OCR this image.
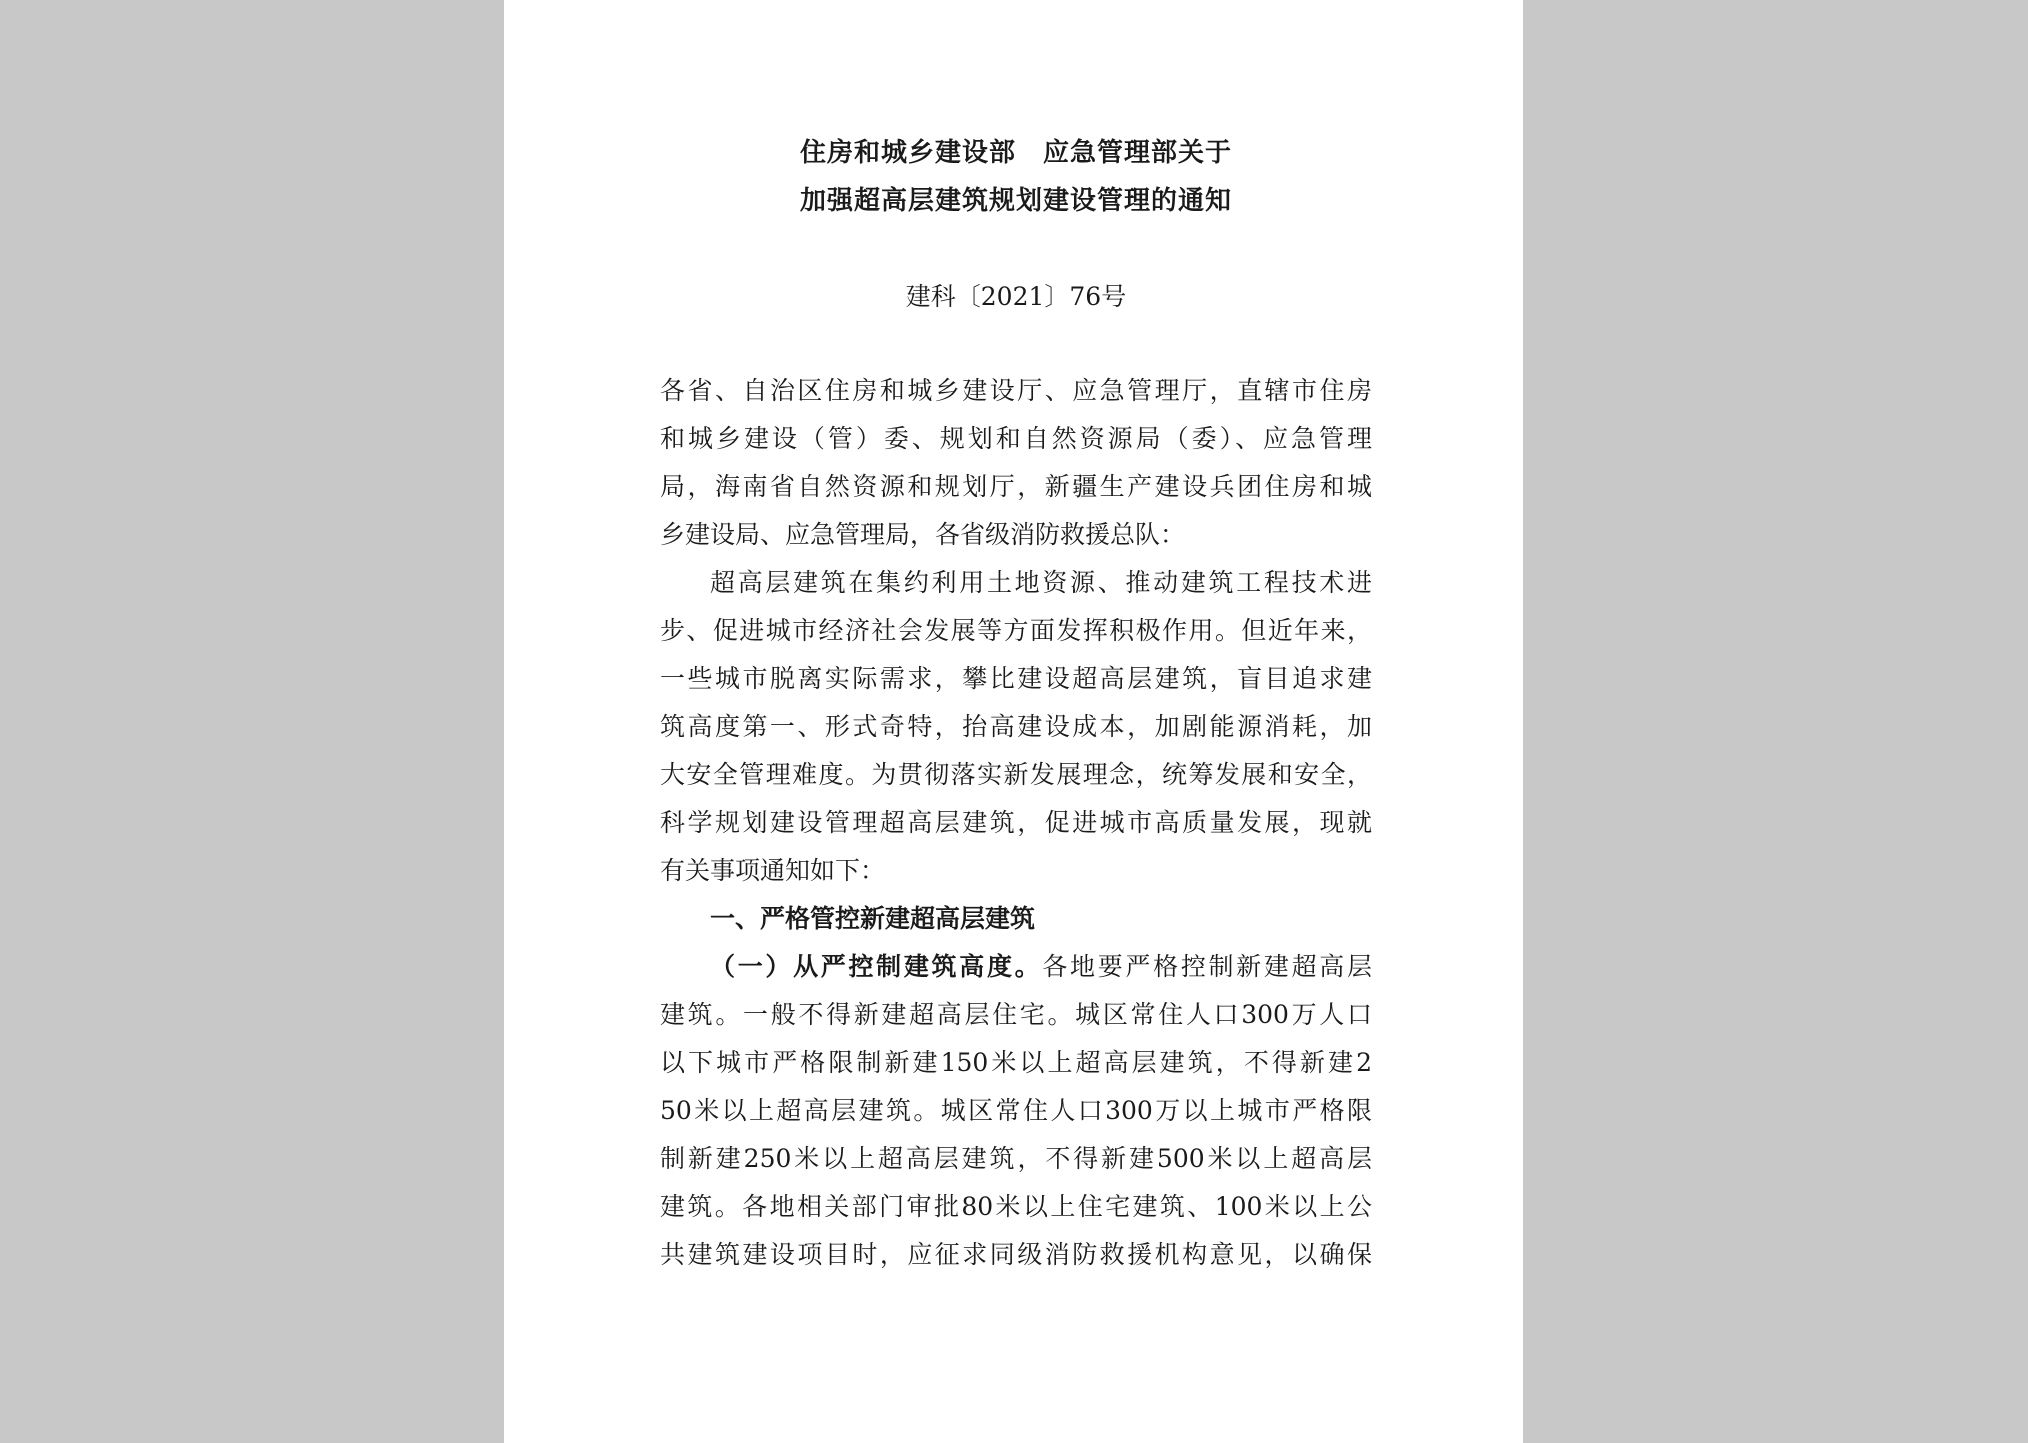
住房和城乡建设部　应急管理部关于
加强超高层建筑规划建设管理的通知
建科〔2021〕76号
各省、自治区住房和城乡建设厅、应急管理厅，直辖市住房
和城乡建设（管）委、规划和自然资源局（委）、应急管理
局，海南省自然资源和规划厅，新疆生产建设兵团住房和城
乡建设局、应急管理局，各省级消防救援总队：
超高层建筑在集约利用土地资源、推动建筑工程技术进
步、促进城市经济社会发展等方面发挥积极作用。但近年来，
一些城市脱离实际需求，攀比建设超高层建筑，盲目追求建
筑高度第一、形式奇特，抬高建设成本，加剧能源消耗，加
大安全管理难度。为贯彻落实新发展理念，统筹发展和安全，
科学规划建设管理超高层建筑，促进城市高质量发展，现就
有关事项通知如下：
一、严格管控新建超高层建筑
（一）从严控制建筑高度。各地要严格控制新建超高层
建筑。一般不得新建超高层住宅。城区常住人口300万人口
以下城市严格限制新建150米以上超高层建筑，不得新建2
50米以上超高层建筑。城区常住人口300万以上城市严格限
制新建250米以上超高层建筑，不得新建500米以上超高层
建筑。各地相关部门审批80米以上住宅建筑、100米以上公
共建筑建设项目时，应征求同级消防救援机构意见，以确保
